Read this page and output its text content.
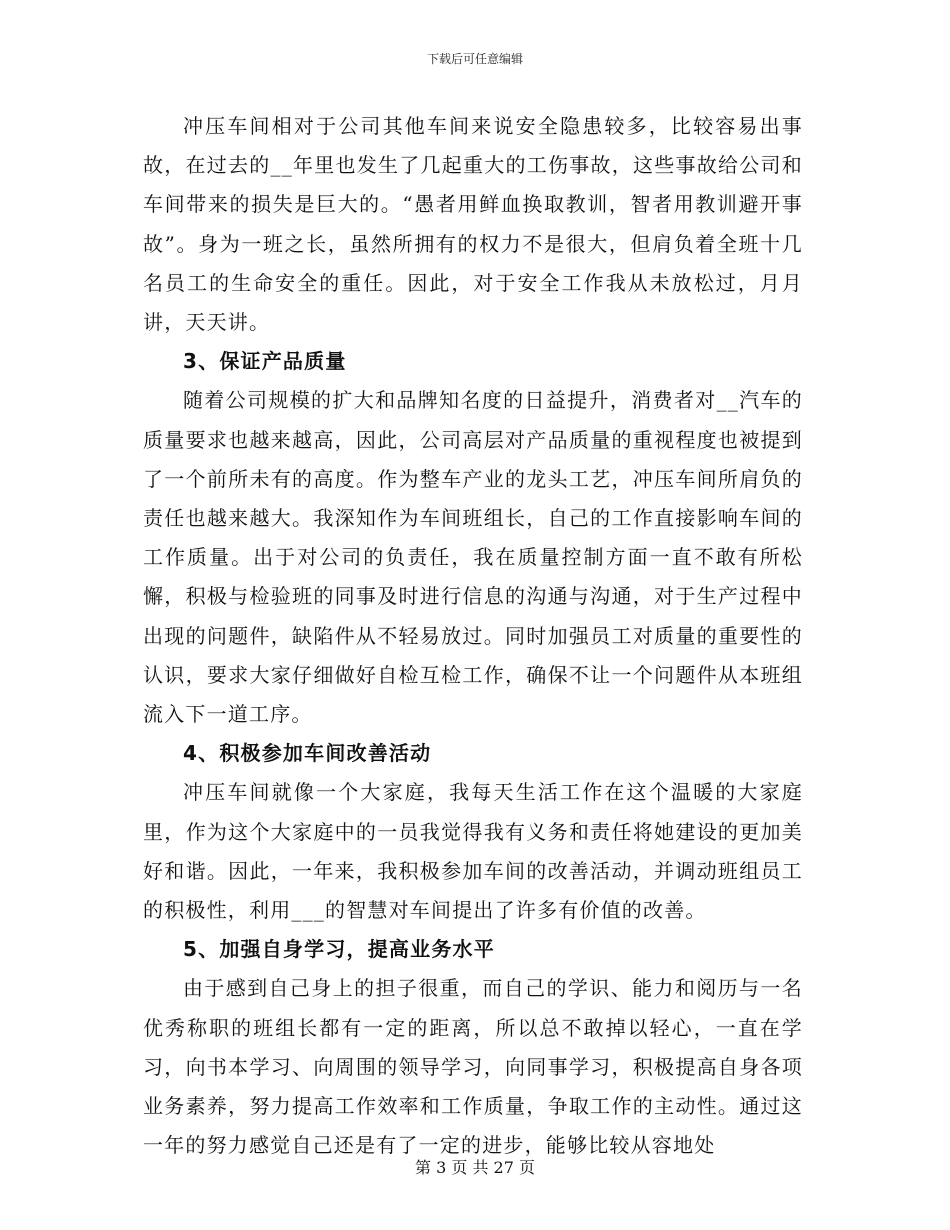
下载后可任意编辑

冲压车间相对于公司其他车间来说安全隐患较多，比较容易出事故，在过去的__年里也发生了几起重大的工伤事故，这些事故给公司和车间带来的损失是巨大的。“愚者用鲜血换取教训，智者用教训避开事故”。身为一班之长，虽然所拥有的权力不是很大，但肩负着全班十几名员工的生命安全的重任。因此，对于安全工作我从未放松过，月月讲，天天讲。

3、保证产品质量

随着公司规模的扩大和品牌知名度的日益提升，消费者对__汽车的质量要求也越来越高，因此，公司高层对产品质量的重视程度也被提到了一个前所未有的高度。作为整车产业的龙头工艺，冲压车间所肩负的责任也越来越大。我深知作为车间班组长，自己的工作直接影响车间的工作质量。出于对公司的负责任，我在质量控制方面一直不敢有所松懈，积极与检验班的同事及时进行信息的沟通与沟通，对于生产过程中出现的问题件，缺陷件从不轻易放过。同时加强员工对质量的重要性的认识，要求大家仔细做好自检互检工作，确保不让一个问题件从本班组流入下一道工序。

4、积极参加车间改善活动

冲压车间就像一个大家庭，我每天生活工作在这个温暖的大家庭里，作为这个大家庭中的一员我觉得我有义务和责任将她建设的更加美好和谐。因此，一年来，我积极参加车间的改善活动，并调动班组员工的积极性，利用___的智慧对车间提出了许多有价值的改善。

5、加强自身学习，提高业务水平

由于感到自己身上的担子很重，而自己的学识、能力和阅历与一名优秀称职的班组长都有一定的距离，所以总不敢掉以轻心，一直在学习，向书本学习、向周围的领导学习，向同事学习，积极提高自身各项业务素养，努力提高工作效率和工作质量，争取工作的主动性。通过这一年的努力感觉自己还是有了一定的进步，能够比较从容地处

第 3 页 共 27 页
